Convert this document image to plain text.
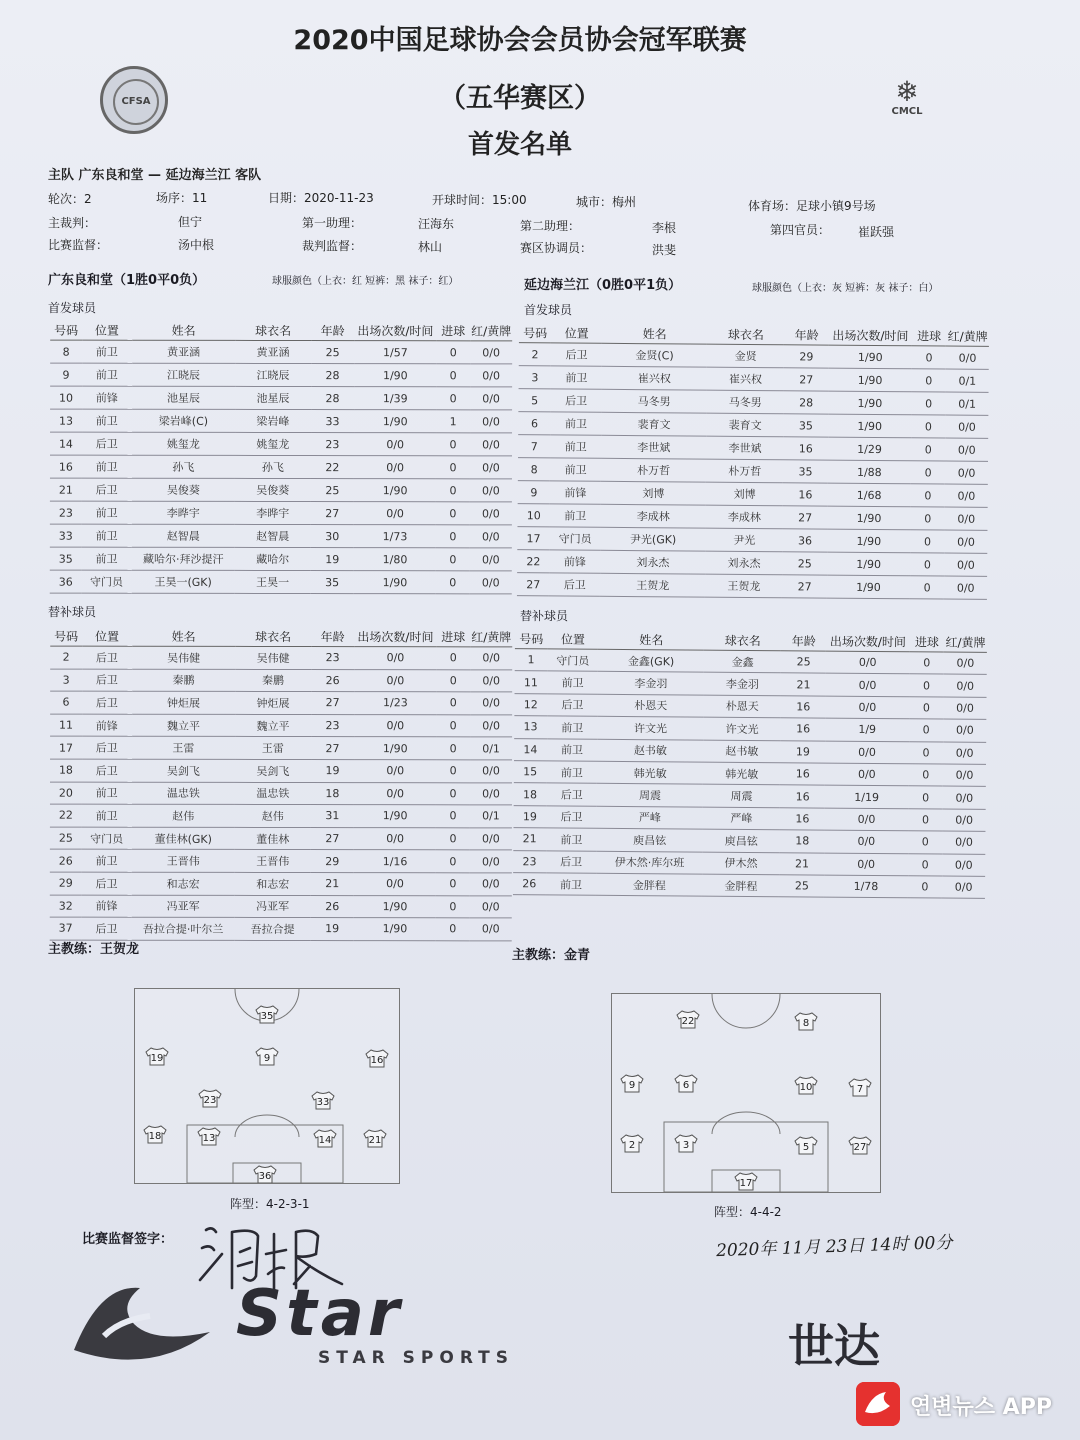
CFSA	❄
CMCL
2020中国足球协会会员协会冠军联赛
（五华赛区）
首发名单
主队 广东良和堂 — 延边海兰江 客队
轮次：2	场序：11	日期：2020-11-23	开球时间：15:00	城市：梅州	体育场：足球小镇9号场
主裁判：	但宁	第一助理：	汪海东	第二助理：	李根	第四官员： 崔跃强
比赛监督：	汤中根	裁判监督：	林山	赛区协调员：	洪斐
广东良和堂（1胜0平0负）	球服颜色（上衣：红 短裤：黑 袜子：红）	延边海兰江（0胜0平1负）	球服颜色（上衣：灰 短裤：灰 袜子：白）
首发球员	首发球员
号码	位置	姓名	球衣名	年龄	出场次数/时间	进球	红/黄牌
8	前卫	黄亚涵	黄亚涵	25	1/57	0	0/0
9	前卫	江晓辰	江晓辰	28	1/90	0	0/0
10	前锋	池星辰	池星辰	28	1/39	0	0/0
13	前卫	梁岩峰(C)	梁岩峰	33	1/90	1	0/0
14	后卫	姚玺龙	姚玺龙	23	0/0	0	0/0
16	前卫	孙飞	孙飞	22	0/0	0	0/0
21	后卫	吴俊葵	吴俊葵	25	1/90	0	0/0
23	前卫	李晔宇	李晔宇	27	0/0	0	0/0
33	前卫	赵智晨	赵智晨	30	1/73	0	0/0
35	前卫	藏哈尔·拜沙提汗	藏哈尔	19	1/80	0	0/0
36	守门员	王昊一(GK)	王昊一	35	1/90	0	0/0
号码	位置	姓名	球衣名	年龄	出场次数/时间	进球	红/黄牌
2	后卫	金贤(C)	金贤	29	1/90	0	0/0
3	前卫	崔兴权	崔兴权	27	1/90	0	0/1
5	后卫	马冬男	马冬男	28	1/90	0	0/1
6	前卫	裴育文	裴育文	35	1/90	0	0/0
7	前卫	李世斌	李世斌	16	1/29	0	0/0
8	前卫	朴万哲	朴万哲	35	1/88	0	0/0
9	前锋	刘博	刘博	16	1/68	0	0/0
10	前卫	李成林	李成林	27	1/90	0	0/0
17	守门员	尹光(GK)	尹光	36	1/90	0	0/0
22	前锋	刘永杰	刘永杰	25	1/90	0	0/0
27	后卫	王贺龙	王贺龙	27	1/90	0	0/0
替补球员	替补球员
号码	位置	姓名	球衣名	年龄	出场次数/时间	进球	红/黄牌
2	后卫	吴伟健	吴伟健	23	0/0	0	0/0
3	后卫	秦鹏	秦鹏	26	0/0	0	0/0
6	后卫	钟炬展	钟炬展	27	1/23	0	0/0
11	前锋	魏立平	魏立平	23	0/0	0	0/0
17	后卫	王雷	王雷	27	1/90	0	0/1
18	后卫	吴剑飞	吴剑飞	19	0/0	0	0/0
20	前卫	温忠铁	温忠铁	18	0/0	0	0/0
22	前卫	赵伟	赵伟	31	1/90	0	0/1
25	守门员	董佳林(GK)	董佳林	27	0/0	0	0/0
26	前卫	王晋伟	王晋伟	29	1/16	0	0/0
29	后卫	和志宏	和志宏	21	0/0	0	0/0
32	前锋	冯亚军	冯亚军	26	1/90	0	0/0
37	后卫	吾拉合提·叶尔兰	吾拉合提	19	1/90	0	0/0
号码	位置	姓名	球衣名	年龄	出场次数/时间	进球	红/黄牌
1	守门员	金鑫(GK)	金鑫	25	0/0	0	0/0
11	前卫	李金羽	李金羽	21	0/0	0	0/0
12	后卫	朴恩天	朴恩天	16	0/0	0	0/0
13	前卫	许文光	许文光	16	1/9	0	0/0
14	前卫	赵书敏	赵书敏	19	0/0	0	0/0
15	前卫	韩光敏	韩光敏	16	0/0	0	0/0
18	后卫	周震	周震	16	1/19	0	0/0
19	后卫	严峰	严峰	16	0/0	0	0/0
21	前卫	庾昌铉	庾昌铉	18	0/0	0	0/0
23	后卫	伊木然·库尔班	伊木然	21	0/0	0	0/0
26	前卫	金胖程	金胖程	25	1/78	0	0/0
主教练：王贺龙	主教练：金青
35
19	9	16
23	33
18	13	14	21
36
阵型：4-2-3-1
22	8
9	6	10	7
2	3	5	27
17
阵型：4-4-2
比赛监督签字：	2020年 11月 23日 14时 00分
Star
STAR SPORTS	世达
연변뉴스 APP
